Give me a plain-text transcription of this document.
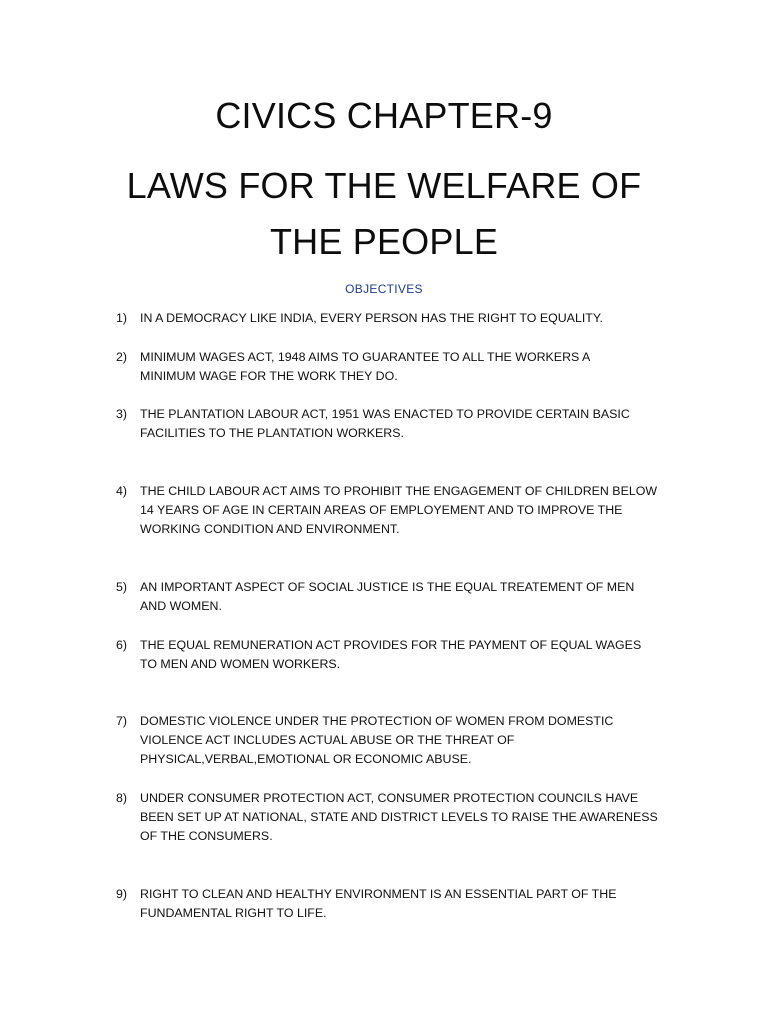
CIVICS CHAPTER-9
LAWS FOR THE WELFARE OF
THE PEOPLE
OBJECTIVES
1)	IN A DEMOCRACY LIKE INDIA, EVERY PERSON HAS THE RIGHT TO EQUALITY.
2)	MINIMUM WAGES ACT, 1948 AIMS TO GUARANTEE TO ALL THE WORKERS A
MINIMUM WAGE FOR THE WORK THEY DO.
3)	THE PLANTATION LABOUR ACT, 1951 WAS ENACTED TO PROVIDE CERTAIN BASIC
FACILITIES TO THE PLANTATION WORKERS.
4)	THE CHILD LABOUR ACT AIMS TO PROHIBIT THE ENGAGEMENT OF CHILDREN BELOW
14 YEARS OF AGE IN CERTAIN AREAS OF EMPLOYEMENT AND TO IMPROVE THE
WORKING CONDITION AND ENVIRONMENT.
5)	AN IMPORTANT ASPECT OF SOCIAL JUSTICE IS THE EQUAL TREATEMENT OF MEN
AND WOMEN.
6)	THE EQUAL REMUNERATION ACT PROVIDES FOR THE PAYMENT OF EQUAL WAGES
TO MEN AND WOMEN WORKERS.
7)	DOMESTIC VIOLENCE UNDER THE PROTECTION OF WOMEN FROM DOMESTIC
VIOLENCE ACT INCLUDES ACTUAL ABUSE OR THE THREAT OF
PHYSICAL,VERBAL,EMOTIONAL OR ECONOMIC ABUSE.
8)	UNDER CONSUMER PROTECTION ACT, CONSUMER PROTECTION COUNCILS HAVE
BEEN SET UP AT NATIONAL, STATE AND DISTRICT LEVELS TO RAISE THE AWARENESS
OF THE CONSUMERS.
9)	RIGHT TO CLEAN AND HEALTHY ENVIRONMENT IS AN ESSENTIAL PART OF THE
FUNDAMENTAL RIGHT TO LIFE.
